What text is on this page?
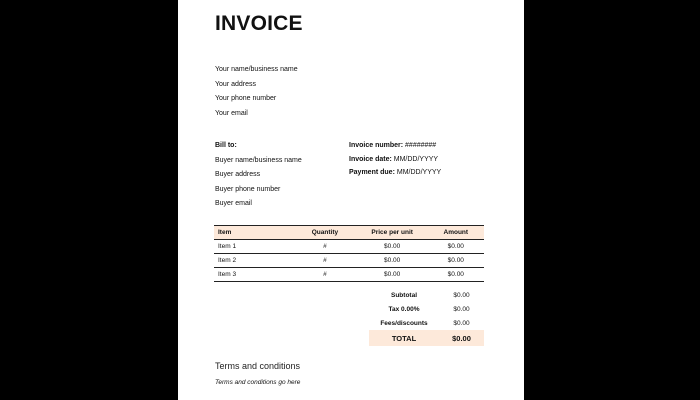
INVOICE
Your name/business name
Your address
Your phone number
Your email
Bill to:
Buyer name/business name
Buyer address
Buyer phone number
Buyer email
Invoice number: ########
Invoice date: MM/DD/YYYY
Payment due: MM/DD/YYYY
Item	Quantity	Price per unit	Amount
Item 1	#	$0.00	$0.00
Item 2	#	$0.00	$0.00
Item 3	#	$0.00	$0.00
Subtotal	$0.00
Tax 0.00%	$0.00
Fees/discounts	$0.00
TOTAL	$0.00
Terms and conditions
Terms and conditions go here
